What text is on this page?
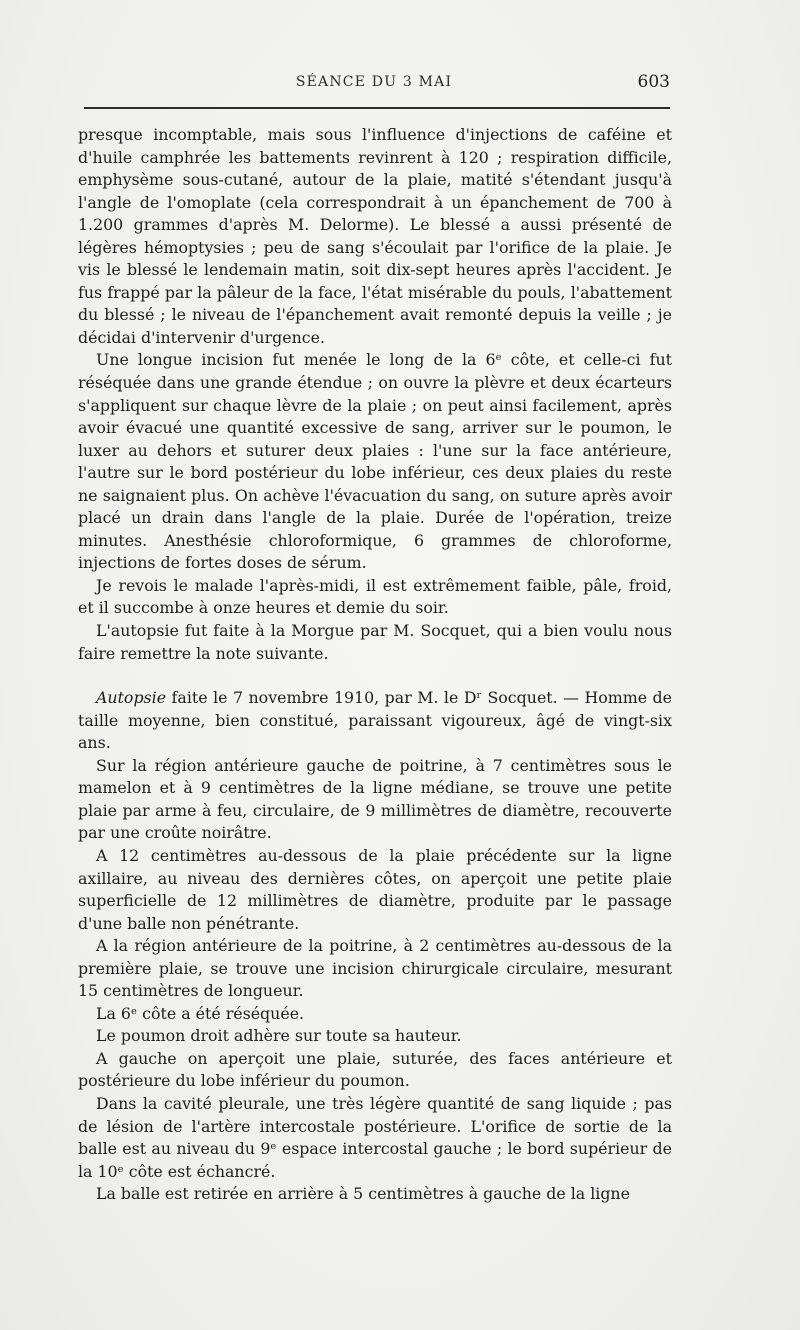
SÉANCE DU 3 MAI	603

presque incomptable, mais sous l'influence d'injections de caféine et d'huile camphrée les battements revinrent à 120 ; respiration difficile, emphysème sous-cutané, autour de la plaie, matité s'étendant jusqu'à l'angle de l'omoplate (cela correspondrait à un épanchement de 700 à 1.200 grammes d'après M. Delorme). Le blessé a aussi présenté de légères hémoptysies ; peu de sang s'écoulait par l'orifice de la plaie. Je vis le blessé le lendemain matin, soit dix-sept heures après l'accident. Je fus frappé par la pâleur de la face, l'état misérable du pouls, l'abattement du blessé ; le niveau de l'épanchement avait remonté depuis la veille ; je décidai d'intervenir d'urgence.

Une longue incision fut menée le long de la 6ᵉ côte, et celle-ci fut réséquée dans une grande étendue ; on ouvre la plèvre et deux écarteurs s'appliquent sur chaque lèvre de la plaie ; on peut ainsi facilement, après avoir évacué une quantité excessive de sang, arriver sur le poumon, le luxer au dehors et suturer deux plaies : l'une sur la face antérieure, l'autre sur le bord postérieur du lobe inférieur, ces deux plaies du reste ne saignaient plus. On achève l'évacuation du sang, on suture après avoir placé un drain dans l'angle de la plaie. Durée de l'opération, treize minutes. Anesthésie chloroformique, 6 grammes de chloroforme, injections de fortes doses de sérum.

Je revois le malade l'après-midi, il est extrêmement faible, pâle, froid, et il succombe à onze heures et demie du soir.

L'autopsie fut faite à la Morgue par M. Socquet, qui a bien voulu nous faire remettre la note suivante.

Autopsie faite le 7 novembre 1910, par M. le Dʳ Socquet. — Homme de taille moyenne, bien constitué, paraissant vigoureux, âgé de vingt-six ans.

Sur la région antérieure gauche de poitrine, à 7 centimètres sous le mamelon et à 9 centimètres de la ligne médiane, se trouve une petite plaie par arme à feu, circulaire, de 9 millimètres de diamètre, recouverte par une croûte noirâtre.

A 12 centimètres au-dessous de la plaie précédente sur la ligne axillaire, au niveau des dernières côtes, on aperçoit une petite plaie superficielle de 12 millimètres de diamètre, produite par le passage d'une balle non pénétrante.

A la région antérieure de la poitrine, à 2 centimètres au-dessous de la première plaie, se trouve une incision chirurgicale circulaire, mesurant 15 centimètres de longueur.

La 6ᵉ côte a été réséquée.

Le poumon droit adhère sur toute sa hauteur.

A gauche on aperçoit une plaie, suturée, des faces antérieure et postérieure du lobe inférieur du poumon.

Dans la cavité pleurale, une très légère quantité de sang liquide ; pas de lésion de l'artère intercostale postérieure. L'orifice de sortie de la balle est au niveau du 9ᵉ espace intercostal gauche ; le bord supérieur de la 10ᵉ côte est échancré.

La balle est retirée en arrière à 5 centimètres à gauche de la ligne
